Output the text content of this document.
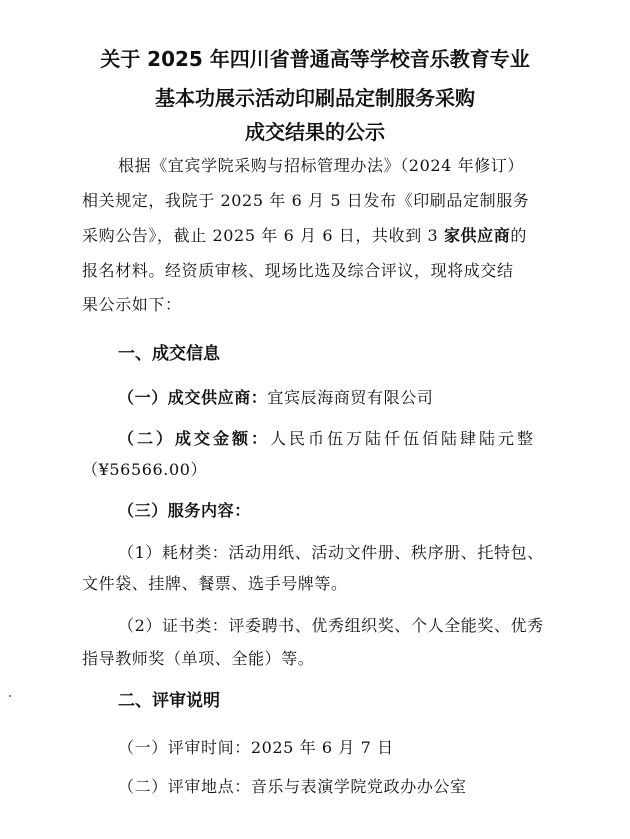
关于 2025 年四川省普通高等学校音乐教育专业
基本功展示活动印刷品定制服务采购
成交结果的公示
根据《宜宾学院采购与招标管理办法》（2024 年修订）
相关规定，我院于 2025 年 6 月 5 日发布《印刷品定制服务
采购公告》，截止 2025 年 6 月 6 日，共收到 3 家供应商的
报名材料。经资质审核、现场比选及综合评议，现将成交结
果公示如下：
一、成交信息
（一）成交供应商：宜宾辰海商贸有限公司
（二）成交金额：人民币伍万陆仟伍佰陆肆陆元整
（¥56566.00）
（三）服务内容：
（1）耗材类：活动用纸、活动文件册、秩序册、托特包、
文件袋、挂牌、餐票、选手号牌等。
（2）证书类：评委聘书、优秀组织奖、个人全能奖、优秀
指导教师奖（单项、全能）等。
二、评审说明
（一）评审时间：2025 年 6 月 7 日
（二）评审地点：音乐与表演学院党政办办公室
